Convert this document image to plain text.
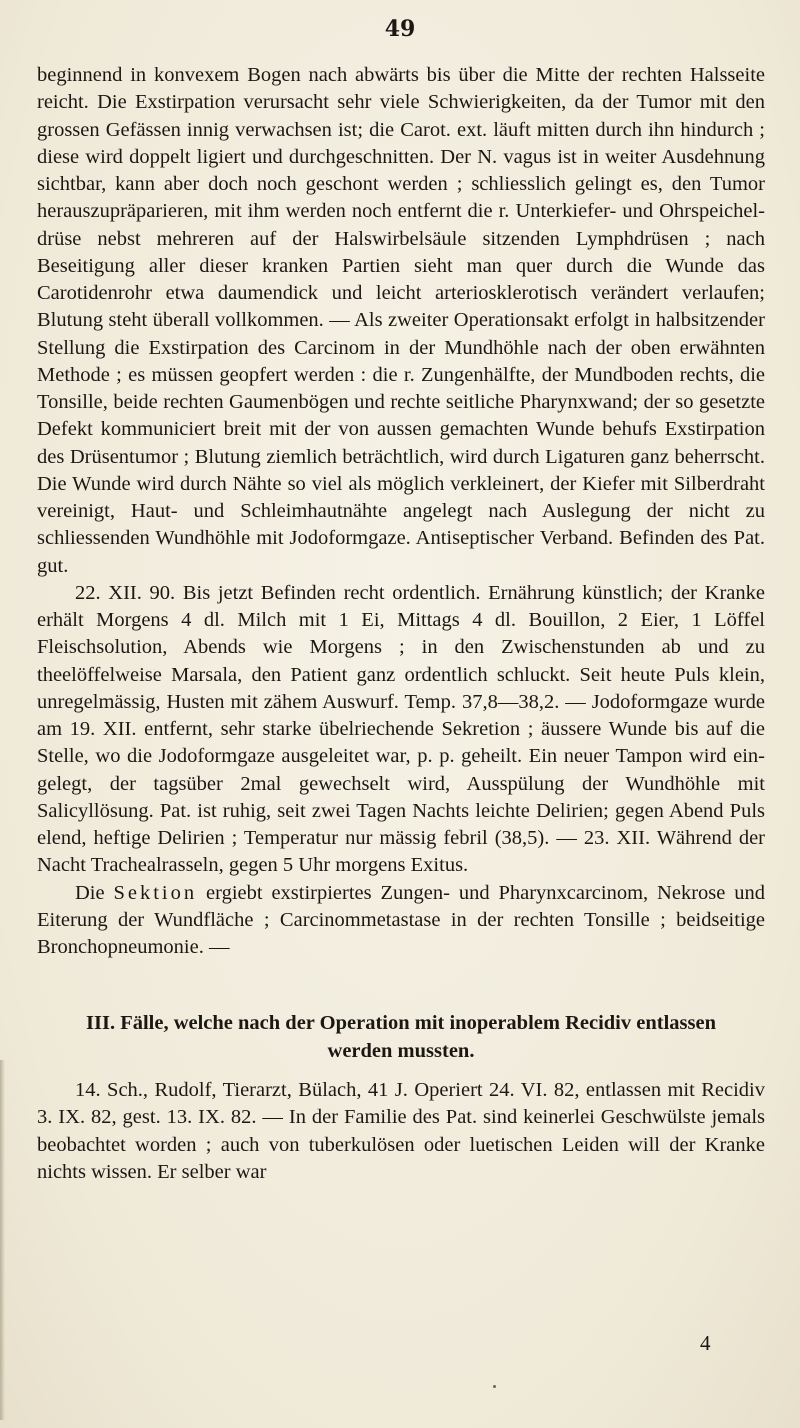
49

beginnend in konvexem Bogen nach abwärts bis über die Mitte der rechten Halsseite reicht. Die Exstirpation verursacht sehr viele Schwierigkeiten, da der Tumor mit den grossen Gefässen innig verwachsen ist; die Carot. ext. läuft mitten durch ihn hindurch ; diese wird doppelt ligiert und durchgeschnitten. Der N. vagus ist in weiter Ausdehnung sichtbar, kann aber doch noch geschont werden ; schliesslich gelingt es, den Tumor herauszupräparieren, mit ihm werden noch entfernt die r. Unterkiefer- und Ohrspeicheldrüse nebst mehreren auf der Halswirbelsäule sitzenden Lymphdrüsen ; nach Beseitigung aller dieser kranken Partien sieht man quer durch die Wunde das Carotidenrohr etwa daumendick und leicht arteriosklerotisch verändert verlaufen; Blutung steht überall vollkommen. — Als zweiter Operationsakt erfolgt in halbsitzender Stellung die Exstirpation des Carcinom in der Mundhöhle nach der oben erwähnten Methode ; es müssen geopfert werden : die r. Zungenhälfte, der Mundboden rechts, die Tonsille, beide rechten Gaumenbögen und rechte seitliche Pharynxwand; der so gesetzte Defekt kommuniciert breit mit der von aussen gemachten Wunde behufs Exstirpation des Drüsentumor ; Blutung ziemlich beträchtlich, wird durch Ligaturen ganz beherrscht. Die Wunde wird durch Nähte so viel als möglich verkleinert, der Kiefer mit Silberdraht vereinigt, Haut- und Schleimhautnähte angelegt nach Auslegung der nicht zu schliessenden Wundhöhle mit Jodoformgaze. Antiseptischer Verband. Befinden des Pat. gut.

22. XII. 90. Bis jetzt Befinden recht ordentlich. Ernährung künstlich; der Kranke erhält Morgens 4 dl. Milch mit 1 Ei, Mittags 4 dl. Bouillon, 2 Eier, 1 Löffel Fleischsolution, Abends wie Morgens ; in den Zwischenstunden ab und zu theelöffelweise Marsala, den Patient ganz ordentlich schluckt. Seit heute Puls klein, unregelmässig, Husten mit zähem Auswurf. Temp. 37,8—38,2. — Jodoformgaze wurde am 19. XII. entfernt, sehr starke übelriechende Sekretion ; äussere Wunde bis auf die Stelle, wo die Jodoformgaze ausgeleitet war, p. p. geheilt. Ein neuer Tampon wird eingelegt, der tagsüber 2mal gewechselt wird, Ausspülung der Wundhöhle mit Salicyllösung. Pat. ist ruhig, seit zwei Tagen Nachts leichte Delirien; gegen Abend Puls elend, heftige Delirien ; Temperatur nur mässig febril (38,5). — 23. XII. Während der Nacht Trachealrasseln, gegen 5 Uhr morgens Exitus.

Die Sektion ergiebt exstirpiertes Zungen- und Pharynxcarcinom, Nekrose und Eiterung der Wundfläche ; Carcinommetastase in der rechten Tonsille ; beidseitige Bronchopneumonie. —

III. Fälle, welche nach der Operation mit inoperablem Recidiv entlassen
werden mussten.

14. Sch., Rudolf, Tierarzt, Bülach, 41 J. Operiert 24. VI. 82, entlassen mit Recidiv 3. IX. 82, gest. 13. IX. 82. — In der Familie des Pat. sind keinerlei Geschwülste jemals beobachtet worden ; auch von tuberkulösen oder luetischen Leiden will der Kranke nichts wissen. Er selber war

4
